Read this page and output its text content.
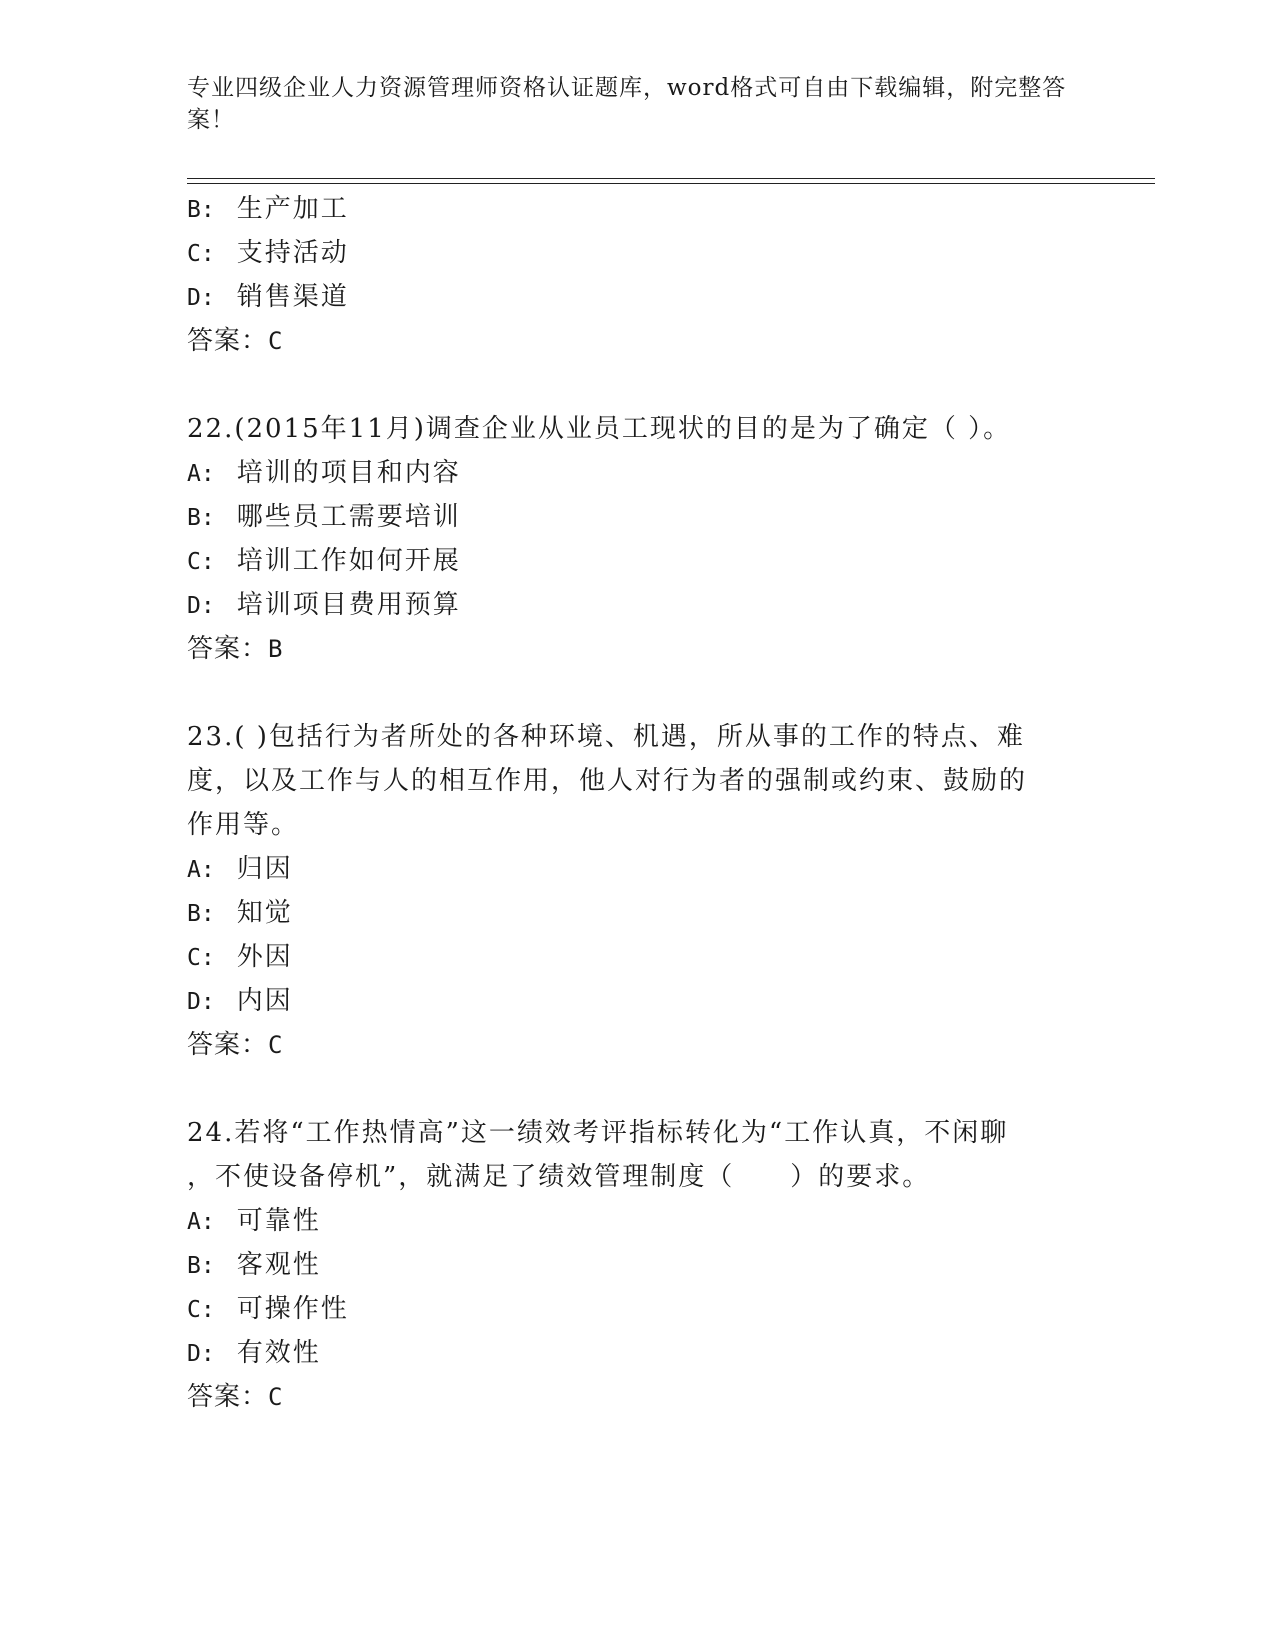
专业四级企业人力资源管理师资格认证题库，word格式可自由下载编辑，附完整答案！
B: 生产加工
C: 支持活动
D: 销售渠道
答案：C
22.(2015年11月)调查企业从业员工现状的目的是为了确定（ ）。
A: 培训的项目和内容
B: 哪些员工需要培训
C: 培训工作如何开展
D: 培训项目费用预算
答案：B
23.( )包括行为者所处的各种环境、机遇，所从事的工作的特点、难
度，以及工作与人的相互作用，他人对行为者的强制或约束、鼓励的
作用等。
A: 归因
B: 知觉
C: 外因
D: 内因
答案：C
24.若将“工作热情高”这一绩效考评指标转化为“工作认真，不闲聊
，不使设备停机”，就满足了绩效管理制度（　　）的要求。
A: 可靠性
B: 客观性
C: 可操作性
D: 有效性
答案：C
